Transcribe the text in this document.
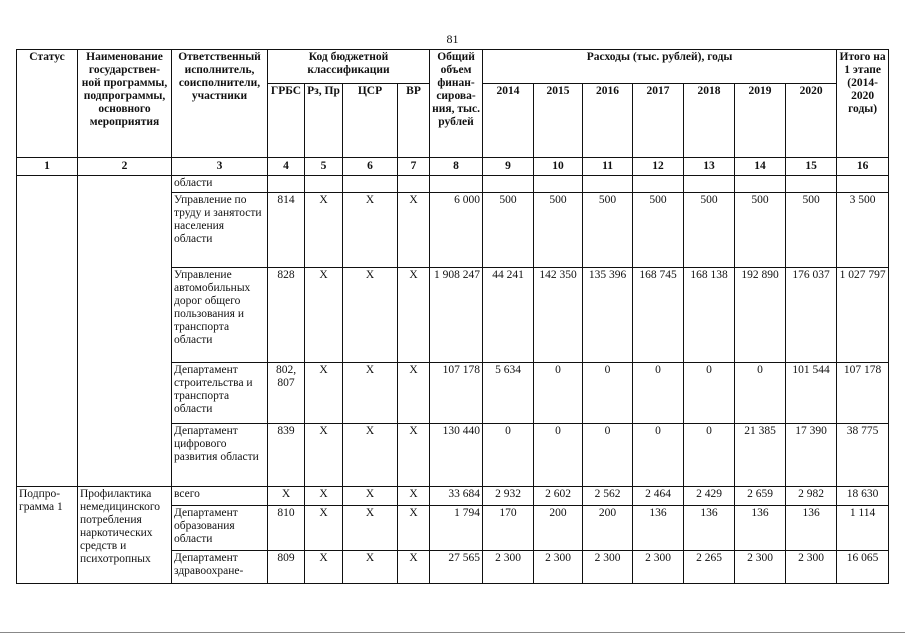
81
Статус	Наименование государствен-ной программы, подпрограммы, основного мероприятия	Ответственный исполнитель, соисполнители, участники	Код бюджетной классификации				Общий объем финан-сирова-ния, тыс. рублей	Расходы (тыс. рублей), годы							Итого на 1 этапе (2014-2020 годы)
			ГРБС	Рз, Пр	ЦСР	ВР		2014	2015	2016	2017	2018	2019	2020	
1	2	3	4	5	6	7	8	9	10	11	12	13	14	15	16
		области													
		Управление по труду и занятости населения области	814	Х	Х	Х	6 000	500	500	500	500	500	500	500	3 500
		Управление автомобильных дорог общего пользования и транспорта области	828	Х	Х	Х	1 908 247	44 241	142 350	135 396	168 745	168 138	192 890	176 037	1 027 797
		Департамент строительства и транспорта области	802, 807	Х	Х	Х	107 178	5 634	0	0	0	0	0	101 544	107 178
		Департамент цифрового развития области	839	Х	Х	Х	130 440	0	0	0	0	0	21 385	17 390	38 775
Подпро-грамма 1	Профилактика немедицинского потребления наркотических средств и психотропных	всего	Х	Х	Х	Х	33 684	2 932	2 602	2 562	2 464	2 429	2 659	2 982	18 630
		Департамент образования области	810	Х	Х	Х	1 794	170	200	200	136	136	136	136	1 114
		Департамент здравоохране-	809	Х	Х	Х	27 565	2 300	2 300	2 300	2 300	2 265	2 300	2 300	16 065
